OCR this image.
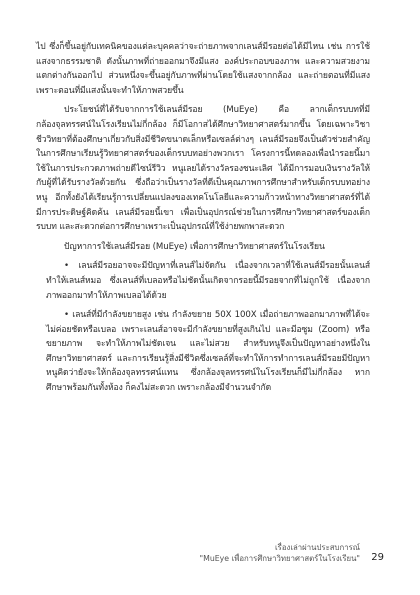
ไป ซึ่งก็ขึ้นอยู่กับเทคนิคของแต่ละบุคคลว่าจะถ่ายภาพจากเลนส์มีรอยต่อได้มีไหน เช่น การใช้แสงจากธรรมชาติ ดังนั้นภาพที่ถ่ายออกมาจึงมีแสง องค์ประกอบของภาพ และความสวยงามแตกต่างกันออกไป ส่วนหนึ่งจะขึ้นอยู่กับภาพที่ผ่านโดยใช้แสงจากกล้อง และถ่ายตอนที่มีแสง เพราะตอนที่มีแสงนั้นจะทำให้ภาพสวยขึ้น

ประโยชน์ที่ได้รับจากการใช้เลนส์มีรอย (MuEye) คือ ลากเต็กรบบทที่มี กล้องจุลทรรศน์ในโรงเรียนไม่กี่กล้อง ก็มีโอกาสได้ศึกษาวิทยาศาสตร์มากขึ้น โดยเฉพาะวิชาชีววิทยาที่ต้องศึกษาเกี่ยวกับสิ่งมีชีวิตขนาดเล็กหรือเซลล์ต่างๆ เลนส์มีรอยจึงเป็นตัวช่วยสำคัญในการศึกษาเรียนรู้วิทยาศาสตร์ของเด็กรบบทอย่างพวกเรา โครงการนี้ทดลองเพื่อนำรอยนี้มาใช้ในการประกวดภาพถ่ายดีไซน์รีวิว หนูเลยได้รางวัลรองชนะเลิศ ได้มีการมอบเงินรางวัลให้กับผู้ที่ได้รับรางวัลด้วยกัน ซึ่งถือว่าเป็นรางวัลที่ดีเป็นคุณภาพการศึกษาสำหรับเด็กรบบทอย่างหนู อีกทั้งยังได้เรียนรู้การเปลี่ยนแปลงของเทคโนโลยีและความก้าวหน้าทางวิทยาศาสตร์ที่ได้มีการประดิษฐ์คิดค้น เลนส์มีรอยนี้เขา เพื่อเป็นอุปกรณ์ช่วยในการศึกษาวิทยาศาสตร์ของเด็กรบบท และสะดวกต่อการศึกษาเพราะเป็นอุปกรณ์ที่ใช้ง่ายพกพาสะดวก

ปัญหาการใช้เลนส์มีรอย (MuEye) เพื่อการศึกษาวิทยาศาสตร์ในโรงเรียน

• เลนส์มีรอยอาจจะมีปัญหาที่เลนส์ไม่จัดกัน เนื่องจากเวลาที่ใช้เลนส์มีรอยนั้นเลนส์ทำให้เลนส์หมอ ซึ่งเลนส์ที่เบลอหรือไม่ชัดนั้นเกิดจากรอยนี้มีรอยจากที่ไม่ถูกใช้ เนื่องจากภาพออกมาทำให้ภาพเบลอได้ด้วย

• เลนส์ที่มีกำลังขยายสูง เช่น กำลังขยาย 50X 100X เมื่อถ่ายภาพออกมาภาพที่ได้จะไม่ค่อยชัดหรือเบลอ เพราะเลนส์อาจจะมีกำลังขยายที่สูงเกินไป และมีอซูม (Zoom) หรือขยายภาพ จะทำให้ภาพไม่ชัดเจน และไม่สวย สำหรับหนูจึงเป็นปัญหาอย่างหนึ่งในศึกษาวิทยาศาสตร์ และการเรียนรู้สิ่งมีชีวิตซึ่งเซลล์ที่จะทำให้การทำการเลนส์มีรอยมีปัญหา หนูคิดว่ายังจะให้กล้องจุลทรรศน์แทน ซึ่งกล้องจุลทรรศน์ในโรงเรียนก็มีไม่กี่กล้อง หากศึกษาพร้อมกันทั้งห้อง ก็คงไม่สะดวก เพราะกล้องมีจำนวนจำกัด

เรื่องเล่าผ่านประสบการณ์
"MuEye เพื่อการศึกษาวิทยาศาสตร์ในโรงเรียน" 29
